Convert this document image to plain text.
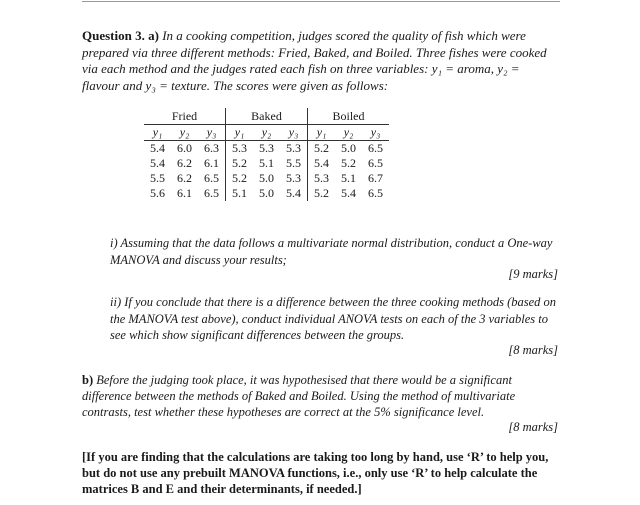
Question 3. a) In a cooking competition, judges scored the quality of fish which were prepared via three different methods: Fried, Baked, and Boiled. Three fishes were cooked via each method and the judges rated each fish on three variables: y₁ = aroma, y₂ = flavour and y₃ = texture. The scores were given as follows:
Fried			Baked			Boiled		
y₁	y₂	y₃	y₁	y₂	y₃	y₁	y₂	y₃
5.4	6.0	6.3	5.3	5.3	5.3	5.2	5.0	6.5
5.4	6.2	6.1	5.2	5.1	5.5	5.4	5.2	6.5
5.5	6.2	6.5	5.2	5.0	5.3	5.3	5.1	6.7
5.6	6.1	6.5	5.1	5.0	5.4	5.2	5.4	6.5
i) Assuming that the data follows a multivariate normal distribution, conduct a One-way MANOVA and discuss your results;
[9 marks]
ii) If you conclude that there is a difference between the three cooking methods (based on the MANOVA test above), conduct individual ANOVA tests on each of the 3 variables to see which show significant differences between the groups.
[8 marks]
b) Before the judging took place, it was hypothesised that there would be a significant difference between the methods of Baked and Boiled. Using the method of multivariate contrasts, test whether these hypotheses are correct at the 5% significance level.
[8 marks]
[If you are finding that the calculations are taking too long by hand, use ‘R’ to help you, but do not use any prebuilt MANOVA functions, i.e., only use ‘R’ to help calculate the matrices B and E and their determinants, if needed.]
